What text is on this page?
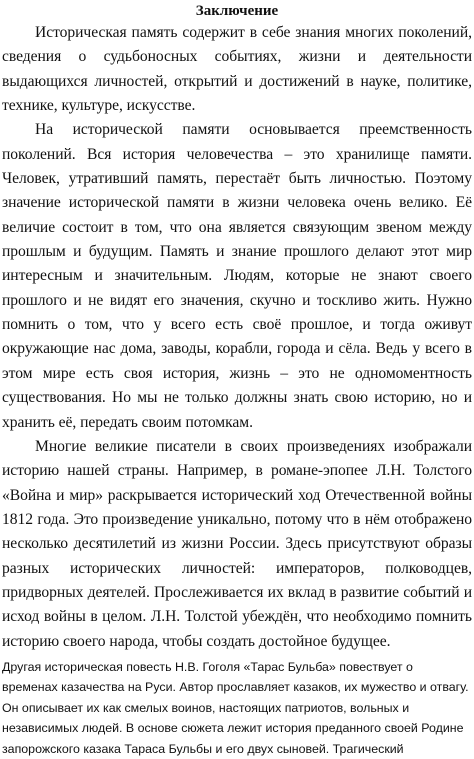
Заключение

Историческая память содержит в себе знания многих поколений, сведения о судьбоносных событиях, жизни и деятельности выдающихся личностей, открытий и достижений в науке, политике, технике, культуре, искусстве.

На исторической памяти основывается преемственность поколений. Вся история человечества – это хранилище памяти. Человек, утративший память, перестаёт быть личностью. Поэтому значение исторической памяти в жизни человека очень велико. Её величие состоит в том, что она является связующим звеном между прошлым и будущим. Память и знание прошлого делают этот мир интересным и значительным. Людям, которые не знают своего прошлого и не видят его значения, скучно и тоскливо жить. Нужно помнить о том, что у всего есть своё прошлое, и тогда оживут окружающие нас дома, заводы, корабли, города и сёла. Ведь у всего в этом мире есть своя история, жизнь – это не одномоментность существования. Но мы не только должны знать свою историю, но и хранить её, передать своим потомкам.

Многие великие писатели в своих произведениях изображали историю нашей страны. Например, в романе-эпопее Л.Н. Толстого «Война и мир» раскрывается исторический ход Отечественной войны 1812 года. Это произведение уникально, потому что в нём отображено несколько десятилетий из жизни России. Здесь присутствуют образы разных исторических личностей: императоров, полководцев, придворных деятелей. Прослеживается их вклад в развитие событий и исход войны в целом. Л.Н. Толстой убеждён, что необходимо помнить историю своего народа, чтобы создать достойное будущее.

Другая историческая повесть Н.В. Гоголя «Тарас Бульба» повествует о временах казачества на Руси. Автор прославляет казаков, их мужество и отвагу. Он описывает их как смелых воинов, настоящих патриотов, вольных и независимых людей. В основе сюжета лежит история преданного своей Родине запорожского казака Тараса Бульбы и его двух сыновей. Трагический
